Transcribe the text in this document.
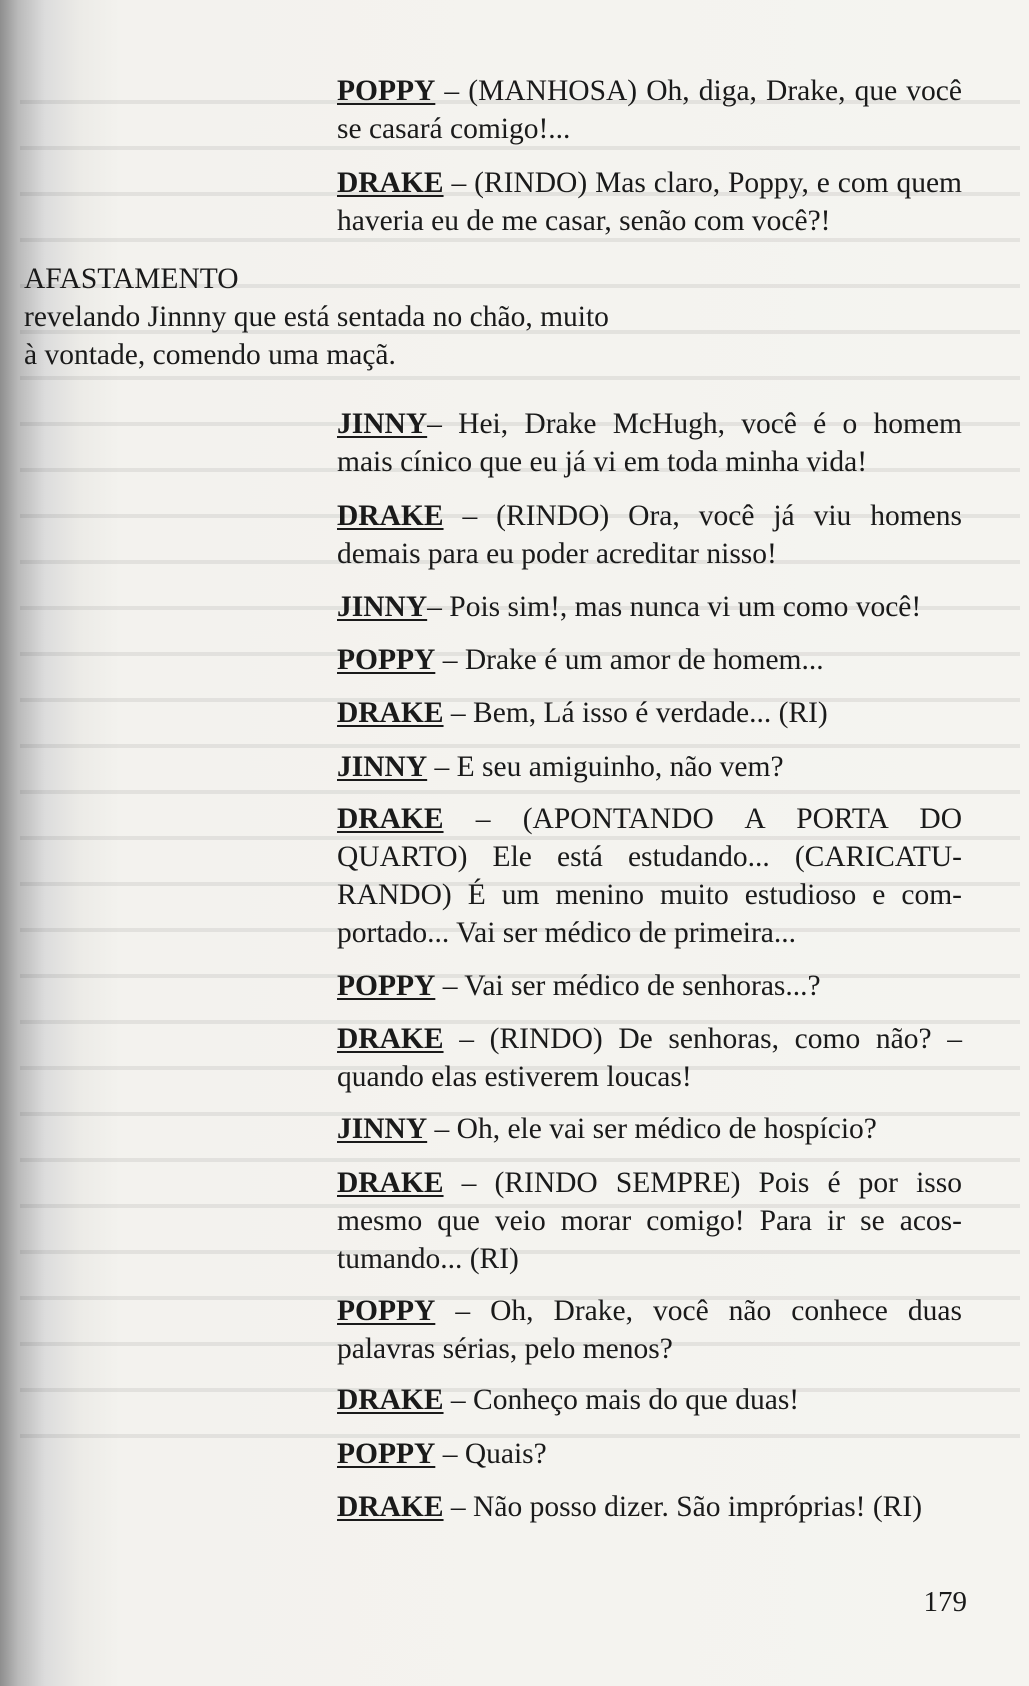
POPPY – (MANHOSA) Oh, diga, Drake, que você se casará comigo!...
DRAKE – (RINDO) Mas claro, Poppy, e com quem haveria eu de me casar, senão com você?!
AFASTAMENTO
revelando Jinnny que está sentada no chão, muito
à vontade, comendo uma maçã.
JINNY– Hei, Drake McHugh, você é o homem mais cínico que eu já vi em toda minha vida!
DRAKE – (RINDO) Ora, você já viu homens demais para eu poder acreditar nisso!
JINNY– Pois sim!, mas nunca vi um como você!
POPPY – Drake é um amor de homem...
DRAKE – Bem, Lá isso é verdade... (RI)
JINNY – E seu amiguinho, não vem?
DRAKE – (APONTANDO A PORTA DO QUARTO) Ele está estudando... (CARICATU-RANDO) É um menino muito estudioso e com-portado... Vai ser médico de primeira...
POPPY – Vai ser médico de senhoras...?
DRAKE – (RINDO) De senhoras, como não? – quando elas estiverem loucas!
JINNY – Oh, ele vai ser médico de hospício?
DRAKE – (RINDO SEMPRE) Pois é por isso mesmo que veio morar comigo! Para ir se acos-tumando... (RI)
POPPY – Oh, Drake, você não conhece duas palavras sérias, pelo menos?
DRAKE – Conheço mais do que duas!
POPPY – Quais?
DRAKE – Não posso dizer. São impróprias! (RI)
179
